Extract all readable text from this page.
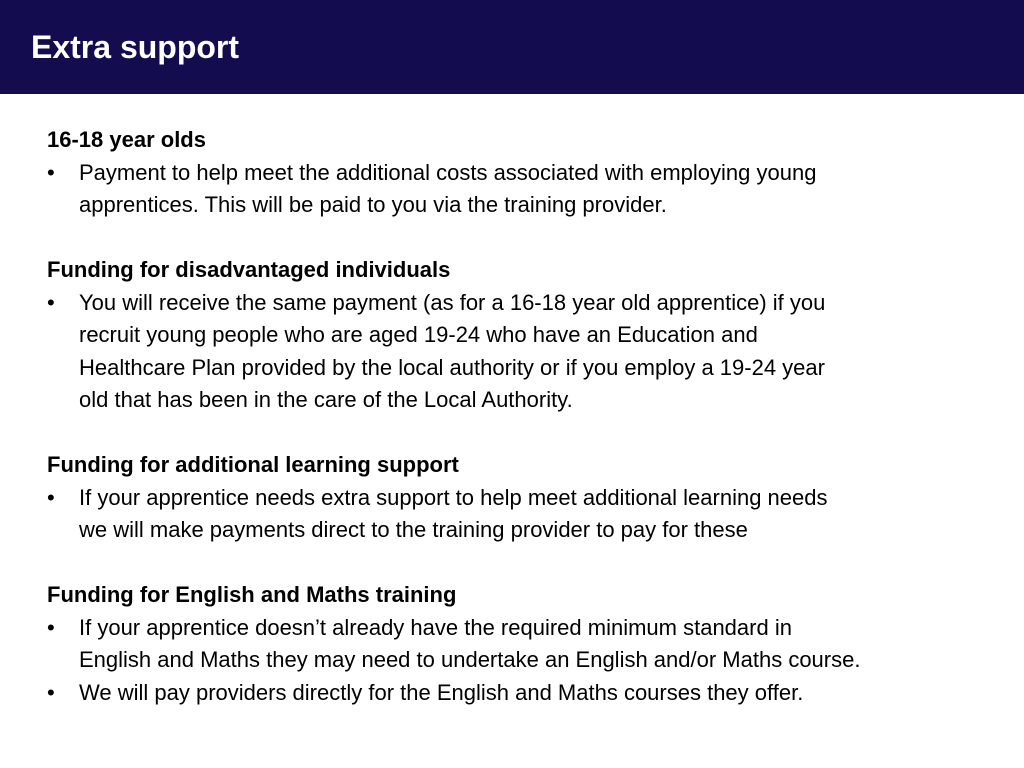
Extra support

16-18 year olds

•	Payment to help meet the additional costs associated with employing young
apprentices. This will be paid to you via the training provider.

Funding for disadvantaged individuals

•	You will receive the same payment (as for a 16-18 year old apprentice) if you
recruit young people who are aged 19-24 who have an Education and
Healthcare Plan provided by the local authority or if you employ a 19-24 year
old that has been in the care of the Local Authority.

Funding for additional learning support

•	If your apprentice needs extra support to help meet additional learning needs
we will make payments direct to the training provider to pay for these

Funding for English and Maths training

•	If your apprentice doesn’t already have the required minimum standard in
English and Maths they may need to undertake an English and/or Maths course.
•	We will pay providers directly for the English and Maths courses they offer.
